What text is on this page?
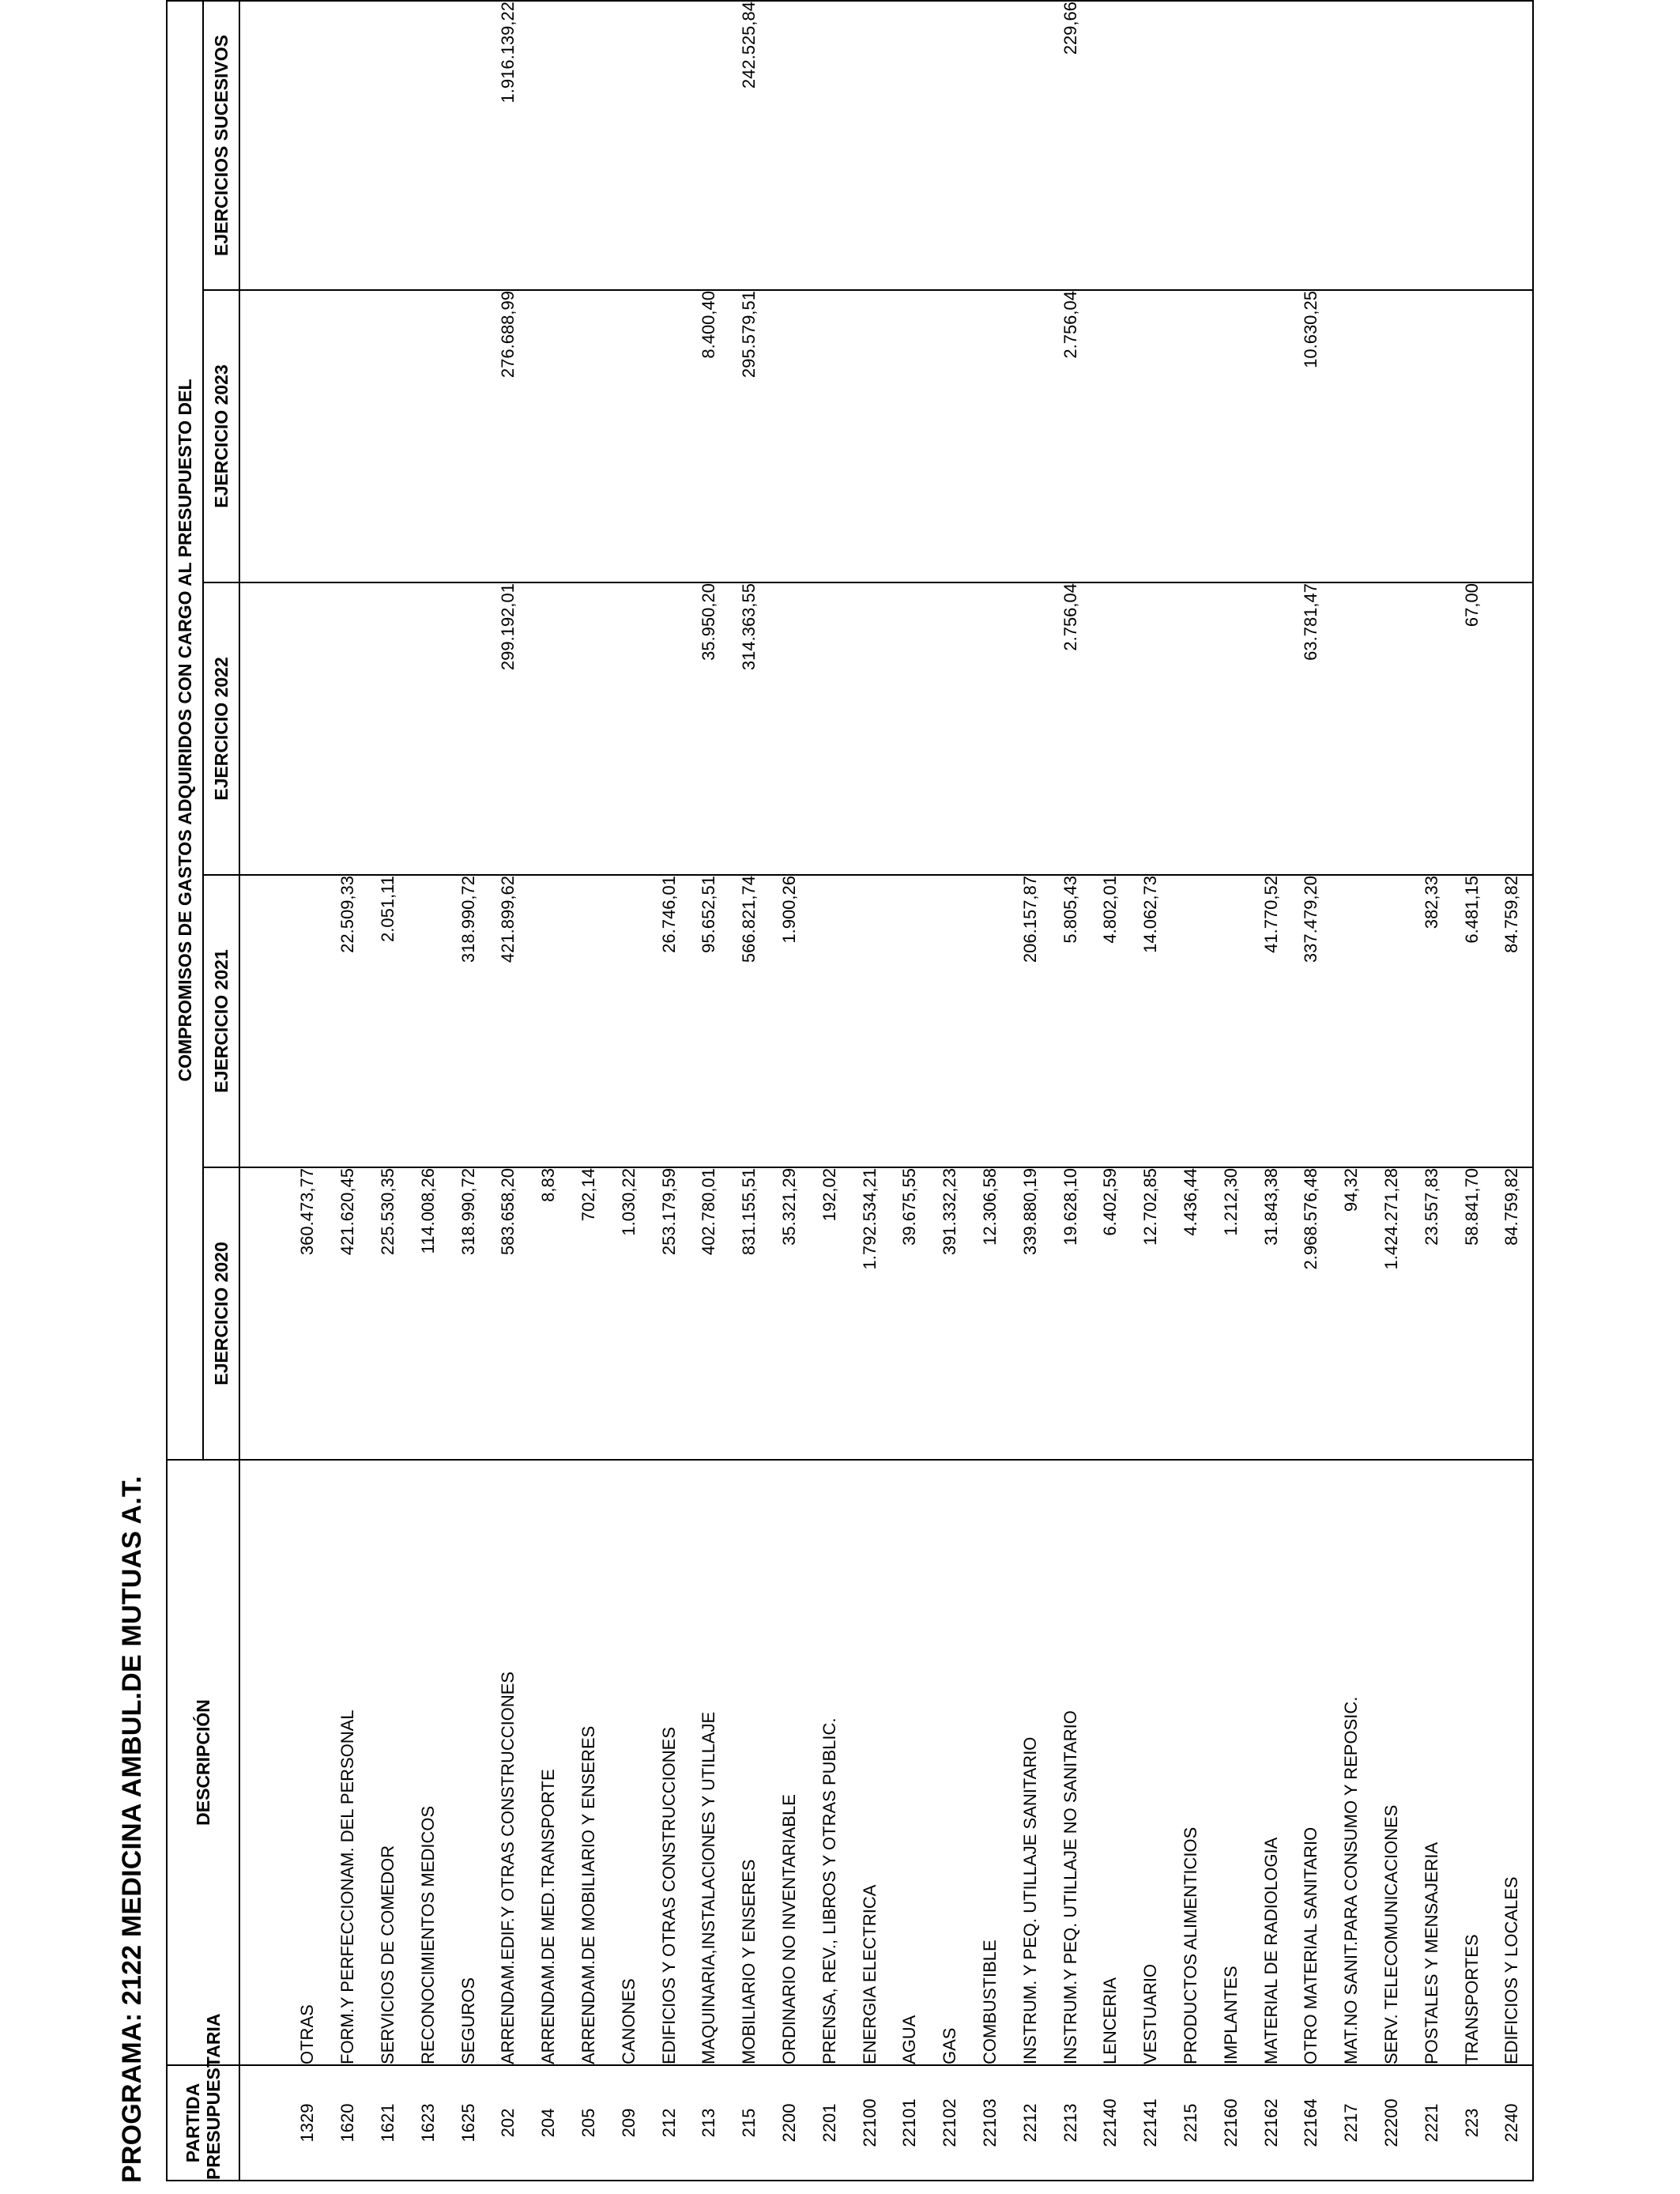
PROGRAMA: 2122 MEDICINA AMBUL.DE MUTUAS A.T. PARTIDA PRESUPUESTARIA	DESCRIPCIÓN	COMPROMISOS DE GASTOS ADQUIRIDOS CON CARGO AL PRESUPUESTO DEL				
		EJERCICIO 2020	EJERCICIO 2021	EJERCICIO 2022	EJERCICIO 2023	EJERCICIOS SUCESIVOS
1329	OTRAS	360.473,77				
1620	FORM.Y PERFECCIONAM. DEL PERSONAL	421.620,45	22.509,33			
1621	SERVICIOS DE COMEDOR	225.530,35	2.051,11			
1623	RECONOCIMIENTOS MEDICOS	114.008,26				
1625	SEGUROS	318.990,72	318.990,72			
202	ARRENDAM.EDIF.Y OTRAS CONSTRUCCIONES	583.658,20	421.899,62	299.192,01	276.688,99	1.916.139,22
204	ARRENDAM.DE MED.TRANSPORTE	8,83				
205	ARRENDAM.DE MOBILIARIO Y ENSERES	702,14				
209	CANONES	1.030,22				
212	EDIFICIOS Y OTRAS CONSTRUCCIONES	253.179,59	26.746,01			
213	MAQUINARIA,INSTALACIONES Y UTILLAJE	402.780,01	95.652,51	35.950,20	8.400,40	
215	MOBILIARIO Y ENSERES	831.155,51	566.821,74	314.363,55	295.579,51	242.525,84
2200	ORDINARIO NO INVENTARIABLE	35.321,29	1.900,26			
2201	PRENSA, REV., LIBROS Y OTRAS PUBLIC.	192,02				
22100	ENERGIA ELECTRICA	1.792.534,21				
22101	AGUA	39.675,55				
22102	GAS	391.332,23				
22103	COMBUSTIBLE	12.306,58				
2212	INSTRUM. Y PEQ. UTILLAJE SANITARIO	339.880,19	206.157,87			
2213	INSTRUM.Y PEQ. UTILLAJE NO SANITARIO	19.628,10	5.805,43	2.756,04	2.756,04	229,66
22140	LENCERIA	6.402,59	4.802,01			
22141	VESTUARIO	12.702,85	14.062,73			
2215	PRODUCTOS ALIMENTICIOS	4.436,44				
22160	IMPLANTES	1.212,30				
22162	MATERIAL DE RADIOLOGIA	31.843,38	41.770,52			
22164	OTRO MATERIAL SANITARIO	2.968.576,48	337.479,20	63.781,47	10.630,25	
2217	MAT.NO SANIT.PARA CONSUMO Y REPOSIC.	94,32				
22200	SERV. TELECOMUNICACIONES	1.424.271,28				
2221	POSTALES Y MENSAJERIA	23.557,83	382,33			
223	TRANSPORTES	58.841,70	6.481,15	67,00		
2240	EDIFICIOS Y LOCALES	84.759,82	84.759,82			
